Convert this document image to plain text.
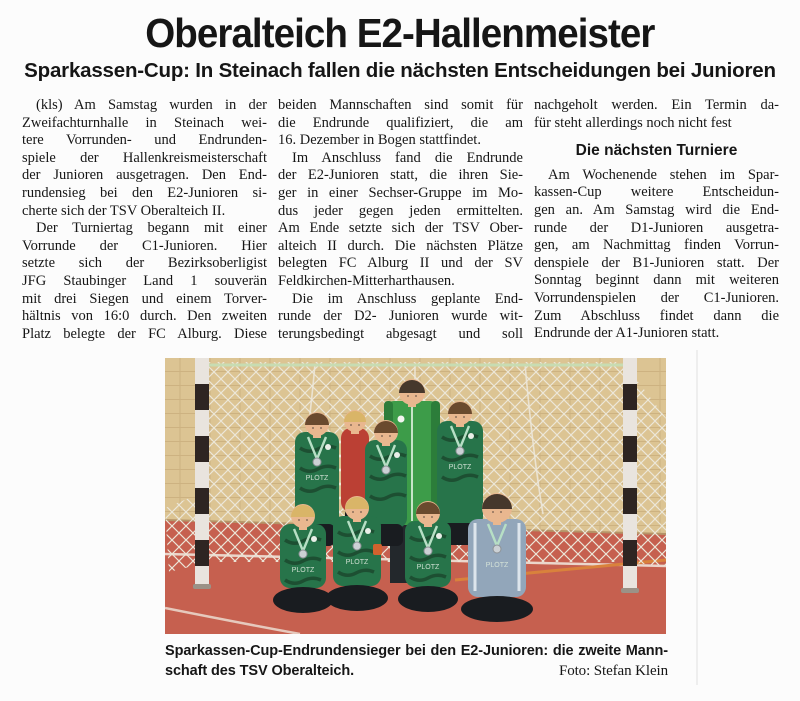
Oberalteich E2-Hallenmeister
Sparkassen-Cup: In Steinach fallen die nächsten Entscheidungen bei Junioren
(kls) Am Samstag wurden in der
Zweifachturnhalle in Steinach wei-
tere Vorrunden- und Endrunden-
spiele der Hallenkreismeisterschaft
der Junioren ausgetragen. Den End-
rundensieg bei den E2-Junioren si-
cherte sich der TSV Oberalteich II.
Der Turniertag begann mit einer
Vorrunde der C1-Junioren. Hier
setzte sich der Bezirksoberligist
JFG Staubinger Land 1 souverän
mit drei Siegen und einem Torver-
hältnis von 16:0 durch. Den zweiten
Platz belegte der FC Alburg. Diese
beiden Mannschaften sind somit für
die Endrunde qualifiziert, die am
16. Dezember in Bogen stattfindet.
Im Anschluss fand die Endrunde
der E2-Junioren statt, die ihren Sie-
ger in einer Sechser-Gruppe im Mo-
dus jeder gegen jeden ermittelten.
Am Ende setzte sich der TSV Ober-
alteich II durch. Die nächsten Plätze
belegten FC Alburg II und der SV
Feldkirchen-Mitterharthausen.
Die im Anschluss geplante End-
runde der D2- Junioren wurde wit-
terungsbedingt abgesagt und soll
nachgeholt werden. Ein Termin da-
für steht allerdings noch nicht fest
Die nächsten Turniere
Am Wochenende stehen im Spar-
kassen-Cup weitere Entscheidun-
gen an. Am Samstag wird die End-
runde der D1-Junioren ausgetra-
gen, am Nachmittag finden Vorrun-
denspiele der B1-Junioren statt. Der
Sonntag beginnt dann mit weiteren
Vorrundenspielen der C1-Junioren.
Zum Abschluss findet dann die
Endrunde der A1-Junioren statt.
PLÖTZ
PLÖTZ
PLÖTZ
PLÖTZ
PLÖTZ	PLÖTZ
Sparkassen-Cup-Endrundensieger bei den E2-Junioren: die zweite Mann-
schaft des TSV Oberalteich.	Foto: Stefan Klein
